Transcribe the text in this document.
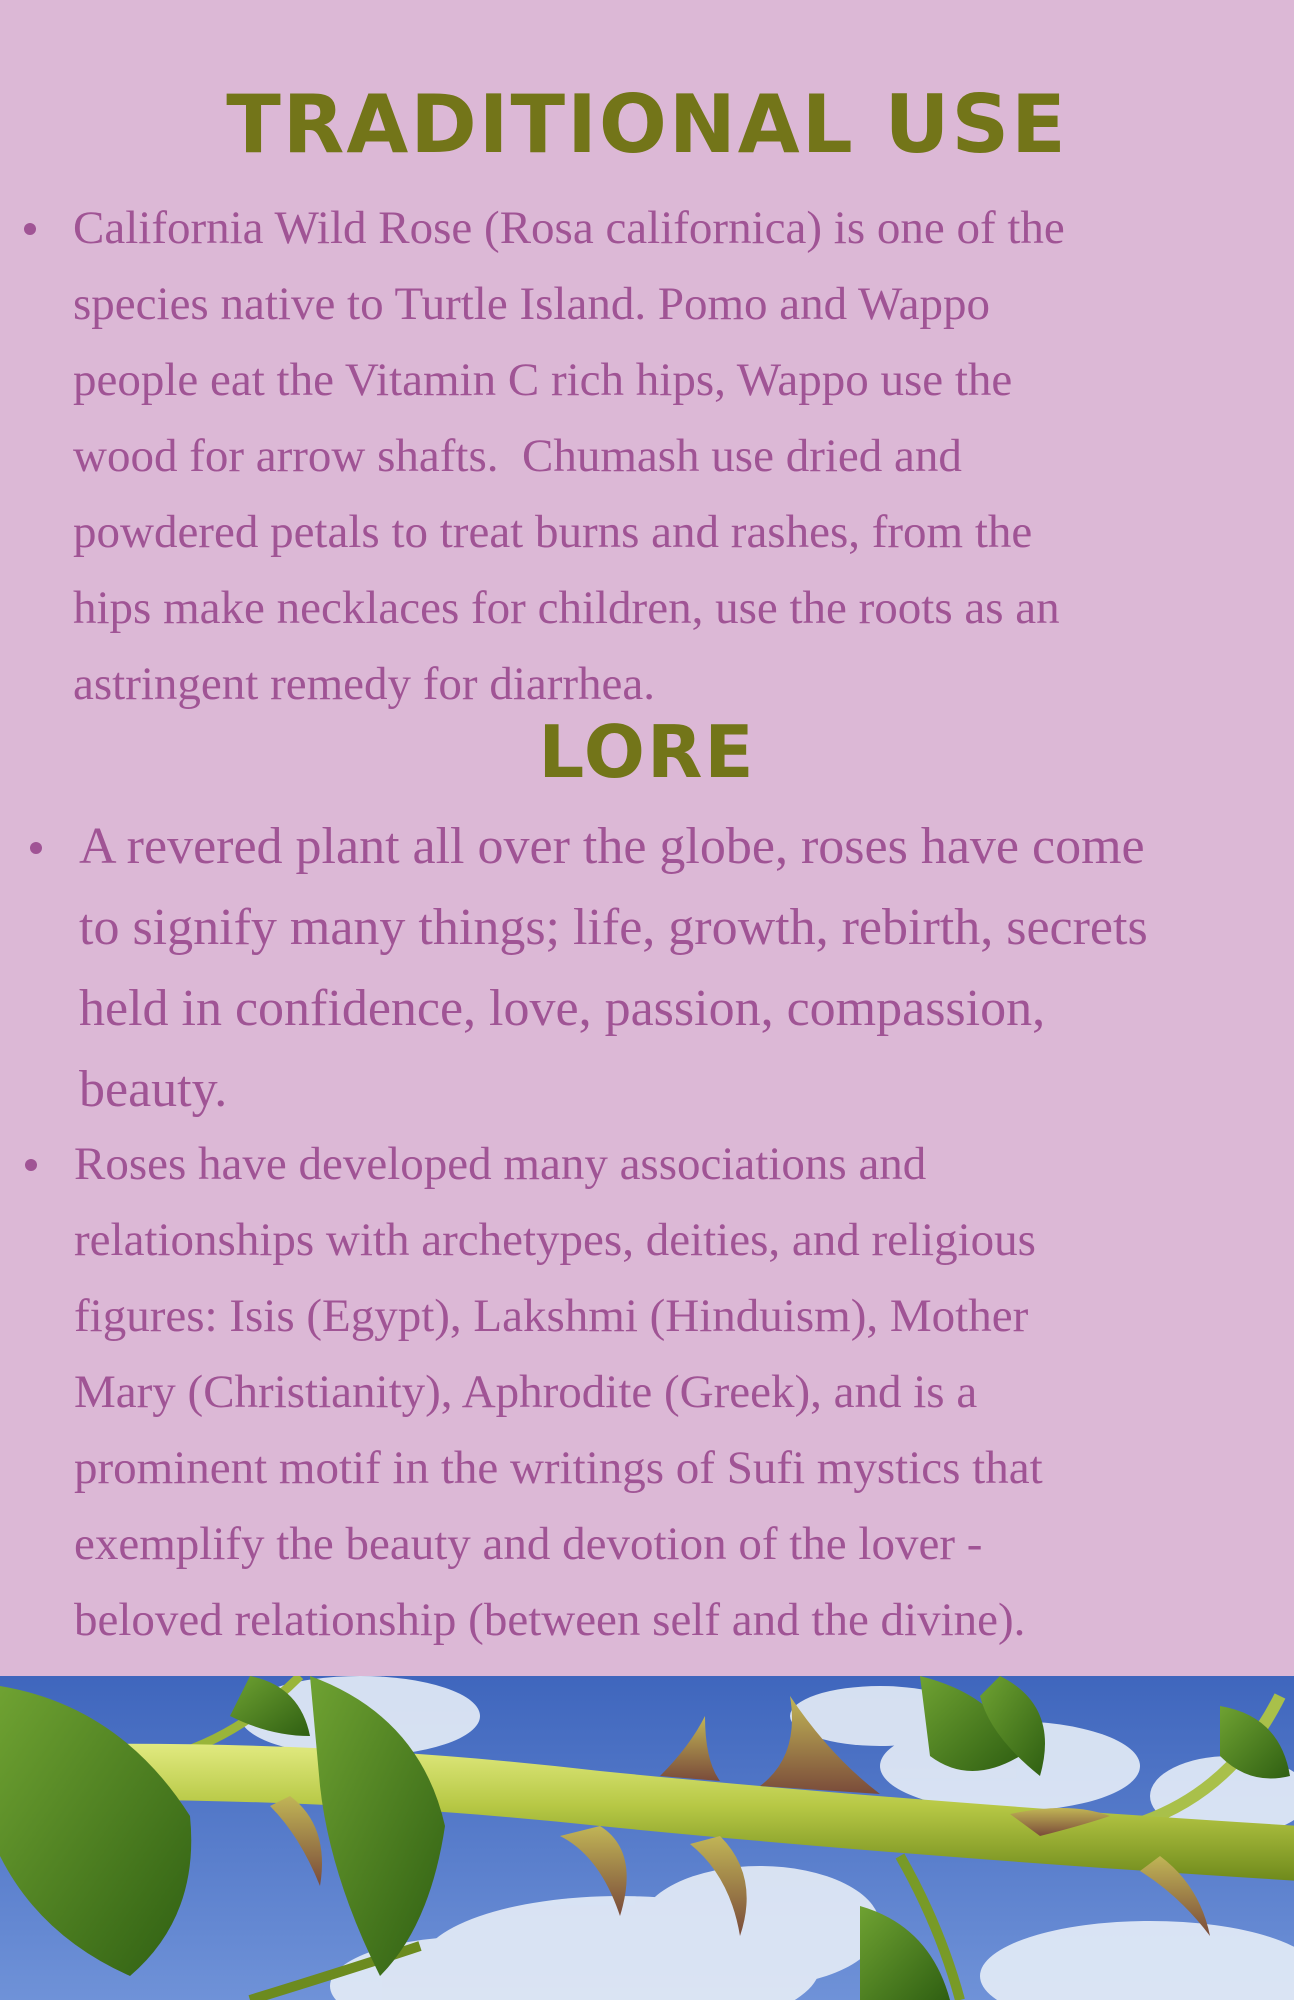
TRADITIONAL USE
California Wild Rose (Rosa californica) is one of the
species native to Turtle Island. Pomo and Wappo
people eat the Vitamin C rich hips, Wappo use the
wood for arrow shafts.  Chumash use dried and
powdered petals to treat burns and rashes, from the
hips make necklaces for children, use the roots as an
astringent remedy for diarrhea.
LORE
A revered plant all over the globe, roses have come
to signify many things; life, growth, rebirth, secrets
held in confidence, love, passion, compassion,
beauty.
Roses have developed many associations and
relationships with archetypes, deities, and religious
figures: Isis (Egypt), Lakshmi (Hinduism), Mother
Mary (Christianity), Aphrodite (Greek), and is a
prominent motif in the writings of Sufi mystics that
exemplify the beauty and devotion of the lover -
beloved relationship (between self and the divine).
